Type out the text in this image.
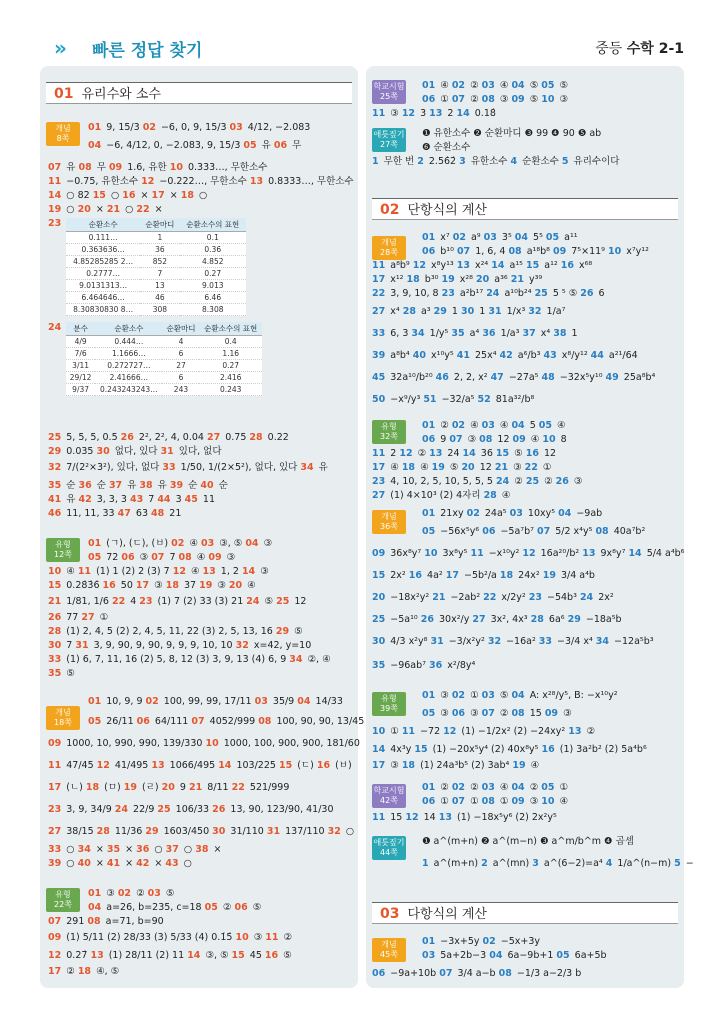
» 빠른 정답 찾기	중등 수학 2-1
01 유리수와 소수
개념
8쪽
01 9, 15/3 02 −6, 0, 9, 15/3 03 4/12, −2.083
04 −6, 4/12, 0, −2.083, 9, 15/3 05 유 06 무
07 유 08 무 09 1.6, 유한 10 0.333…, 무한소수
11 −0.75, 유한소수 12 −0.222…, 무한소수 13 0.8333…, 무한소수
14 ○ 82 15 ○ 16 × 17 × 18 ○
19 ○ 20 × 21 ○ 22 ×
23	순환소수	순환마디	순환소수의 표현
0.111…	1	0.1̇
0.363636…	36	0.3̇6̇
4.85285285 2…	852	4.8̇52̇
0.2777…	7	0.27̇
9.0131313…	13	9.01̇3̇
6.464646…	46	6.4̇6̇
8.30830830 8…	308	8.3̇08̇
24 분수	순환소수	순환마디	순환소수의 표현
4/9	0.444…	4	0.4̇
7/6	1.1666…	6	1.16̇
3/11	0.272727…	27	0.2̇7̇
29/12	2.41666…	6	2.416̇
9/37	0.243243243…	243	0.2̇43̇
25 5, 5, 5, 0.5 26 2², 2², 4, 0.04 27 0.75 28 0.22
29 0.035 30 없다, 있다 31 있다, 없다
32 7/(2²×3²), 있다, 없다 33 1/50, 1/(2×5²), 없다, 있다 34 유
35 순 36 순 37 유 38 유 39 순 40 순
41 유 42 3, 3, 3 43 7 44 3 45 11
46 11, 11, 33 47 63 48 21
유형
12쪽
01 (ㄱ), (ㄷ), (ㅂ) 02 ④ 03 ③, ⑤ 04 ③
05 72 06 ③ 07 7 08 ④ 09 ③
10 ④ 11 (1) 1 (2) 2 (3) 7 12 ④ 13 1, 2 14 ③
15 0.28̇3̇6̇ 16 50 17 ③ 18 37 19 ③ 20 ④
21 1/81, 1/6 22 4 23 (1) 7 (2) 33 (3) 21 24 ⑤ 25 12
26 77 27 ①
28 (1) 2, 4, 5 (2) 2, 4, 5, 11, 22 (3) 2, 5, 13, 16 29 ⑤
30 7 31 3, 9, 90, 9, 90, 9, 9, 9, 10, 10 32 x=42, y=10
33 (1) 6, 7, 11, 16 (2) 5, 8, 12 (3) 3, 9, 13 (4) 6, 9 34 ②, ④
35 ⑤
개념
18쪽
01 10, 9, 9 02 100, 99, 99, 17/11 03 35/9 04 14/33
05 26/11 06 64/111 07 4052/999 08 100, 90, 90, 13/45
09 1000, 10, 990, 990, 139/330 10 1000, 100, 900, 900, 181/60
11 47/45 12 41/495 13 1066/495 14 103/225 15 (ㄷ) 16 (ㅂ)
17 (ㄴ) 18 (ㅁ) 19 (ㄹ) 20 9 21 8/11 22 521/999
23 3, 9, 34/9 24 22/9 25 106/33 26 13, 90, 123/90, 41/30
27 38/15 28 11/36 29 1603/450 30 31/110 31 137/110 32 ○
33 ○ 34 × 35 × 36 ○ 37 ○ 38 ×
39 ○ 40 × 41 × 42 × 43 ○
유형
22쪽
01 ③ 02 ② 03 ⑤
04 a=26, b=235, c=18 05 ② 06 ⑤
07 291 08 a=71, b=90
09 (1) 5/11 (2) 28/33 (3) 5/33 (4) 0.1̇5̇ 10 ③ 11 ②
12 0.27̇ 13 (1) 28/11 (2) 11 14 ③, ⑤ 15 45 16 ⑤
17 ② 18 ④, ⑤
학교시험
25쪽
01 ④ 02 ② 03 ④ 04 ⑤ 05 ⑤
06 ① 07 ② 08 ③ 09 ⑤ 10 ③
11 ③ 12 3 13 2 14 0.18̇
애틋짚기
27쪽
❶ 유한소수 ❷ 순환마디 ❸ 99 ❹ 90 ❺ ab
❻ 순환소수
1 무한 번 2 2.56̇2̇ 3 유한소수 4 순환소수 5 유리수이다
02 단항식의 계산
개념
28쪽
01 x⁷ 02 a⁹ 03 3⁵ 04 5⁵ 05 a¹¹
06 b¹⁰ 07 1, 6, 4 08 a¹⁸b⁸ 09 7⁵×11⁹ 10 x⁷y¹²
11 a⁸b⁹ 12 x⁸y¹³ 13 x²⁴ 14 a¹⁵ 15 a¹² 16 x⁶⁸
17 x¹² 18 b³⁰ 19 x²⁸ 20 a³⁶ 21 y³⁹
22 3, 9, 10, 8 23 a²b¹⁷ 24 a¹⁰b²⁴ 25 5 ⁵ ⑤ 26 6
27 x⁴ 28 a³ 29 1 30 1 31 1/x³ 32 1/a⁷
33 6, 3 34 1/y⁵ 35 a⁴ 36 1/a³ 37 x⁴ 38 1
39 a⁸b⁴ 40 x¹⁰y⁵ 41 25x⁴ 42 a⁶/b³ 43 x⁸/y¹² 44 a²¹/64
45 32a¹⁰/b²⁰ 46 2, 2, x² 47 −27a⁵ 48 −32x⁵y¹⁰ 49 25a⁸b⁴
50 −x⁹/y³ 51 −32/a⁵ 52 81a³²/b⁸
유형
32쪽
01 ② 02 ④ 03 ④ 04 5 05 ④
06 9 07 ③ 08 12 09 ④ 10 8
11 2 12 ② 13 24 14 36 15 ⑤ 16 12
17 ④ 18 ④ 19 ⑤ 20 12 21 ③ 22 ①
23 4, 10, 2, 5, 10, 5, 5, 5 24 ② 25 ② 26 ③
27 (1) 4×10³ (2) 4자리 28 ④
개념
36쪽
01 21xy 02 24a⁵ 03 10xy⁵ 04 −9ab
05 −56x⁵y⁶ 06 −5a⁷b⁷ 07 5/2 x⁴y⁵ 08 40a⁷b²
09 36x⁸y⁷ 10 3x⁸y⁵ 11 −x¹⁰y² 12 16a²⁰/b² 13 9x⁸y⁷ 14 5/4 a⁴b⁶
15 2x² 16 4a² 17 −5b²/a 18 24x² 19 3/4 a⁴b
20 −18x²y² 21 −2ab² 22 x/2y² 23 −54b³ 24 2x²
25 −5a¹⁰ 26 30x²/y 27 3x², 4x³ 28 6a⁶ 29 −18a⁵b
30 4/3 x²y⁸ 31 −3/x²y² 32 −16a² 33 −3/4 x⁴ 34 −12a⁵b³
35 −96ab⁷ 36 x²/8y⁴
유형
39쪽
01 ③ 02 ① 03 ⑤ 04 A: x²⁸/y⁵, B: −x¹⁰y²
05 ③ 06 ③ 07 ② 08 15 09 ③
10 ① 11 −72 12 (1) −1/2x² (2) −24xy² 13 ②
14 4x³y 15 (1) −20x⁵y⁴ (2) 40x⁸y⁵ 16 (1) 3a²b² (2) 5a⁴b⁶
17 ③ 18 (1) 24a³b⁵ (2) 3ab⁴ 19 ④
학교시험
42쪽
01 ② 02 ② 03 ④ 04 ② 05 ①
06 ① 07 ① 08 ① 09 ③ 10 ④
11 15 12 14 13 (1) −18x⁵y⁶ (2) 2x²y⁵
애틋짚기
44쪽
❶ a^(m+n) ❷ a^(m−n) ❸ a^m/b^m ❹ 곱셈
1 a^(m+n) 2 a^(mn) 3 a^(6−2)=a⁴ 4 1/a^(n−m) 5 −
03 다항식의 계산
개념
45쪽
01 −3x+5y 02 −5x+3y
03 5a+2b−3 04 6a−9b+1 05 6a+5b
06 −9a+10b 07 3/4 a−b 08 −1/3 a−2/3 b
